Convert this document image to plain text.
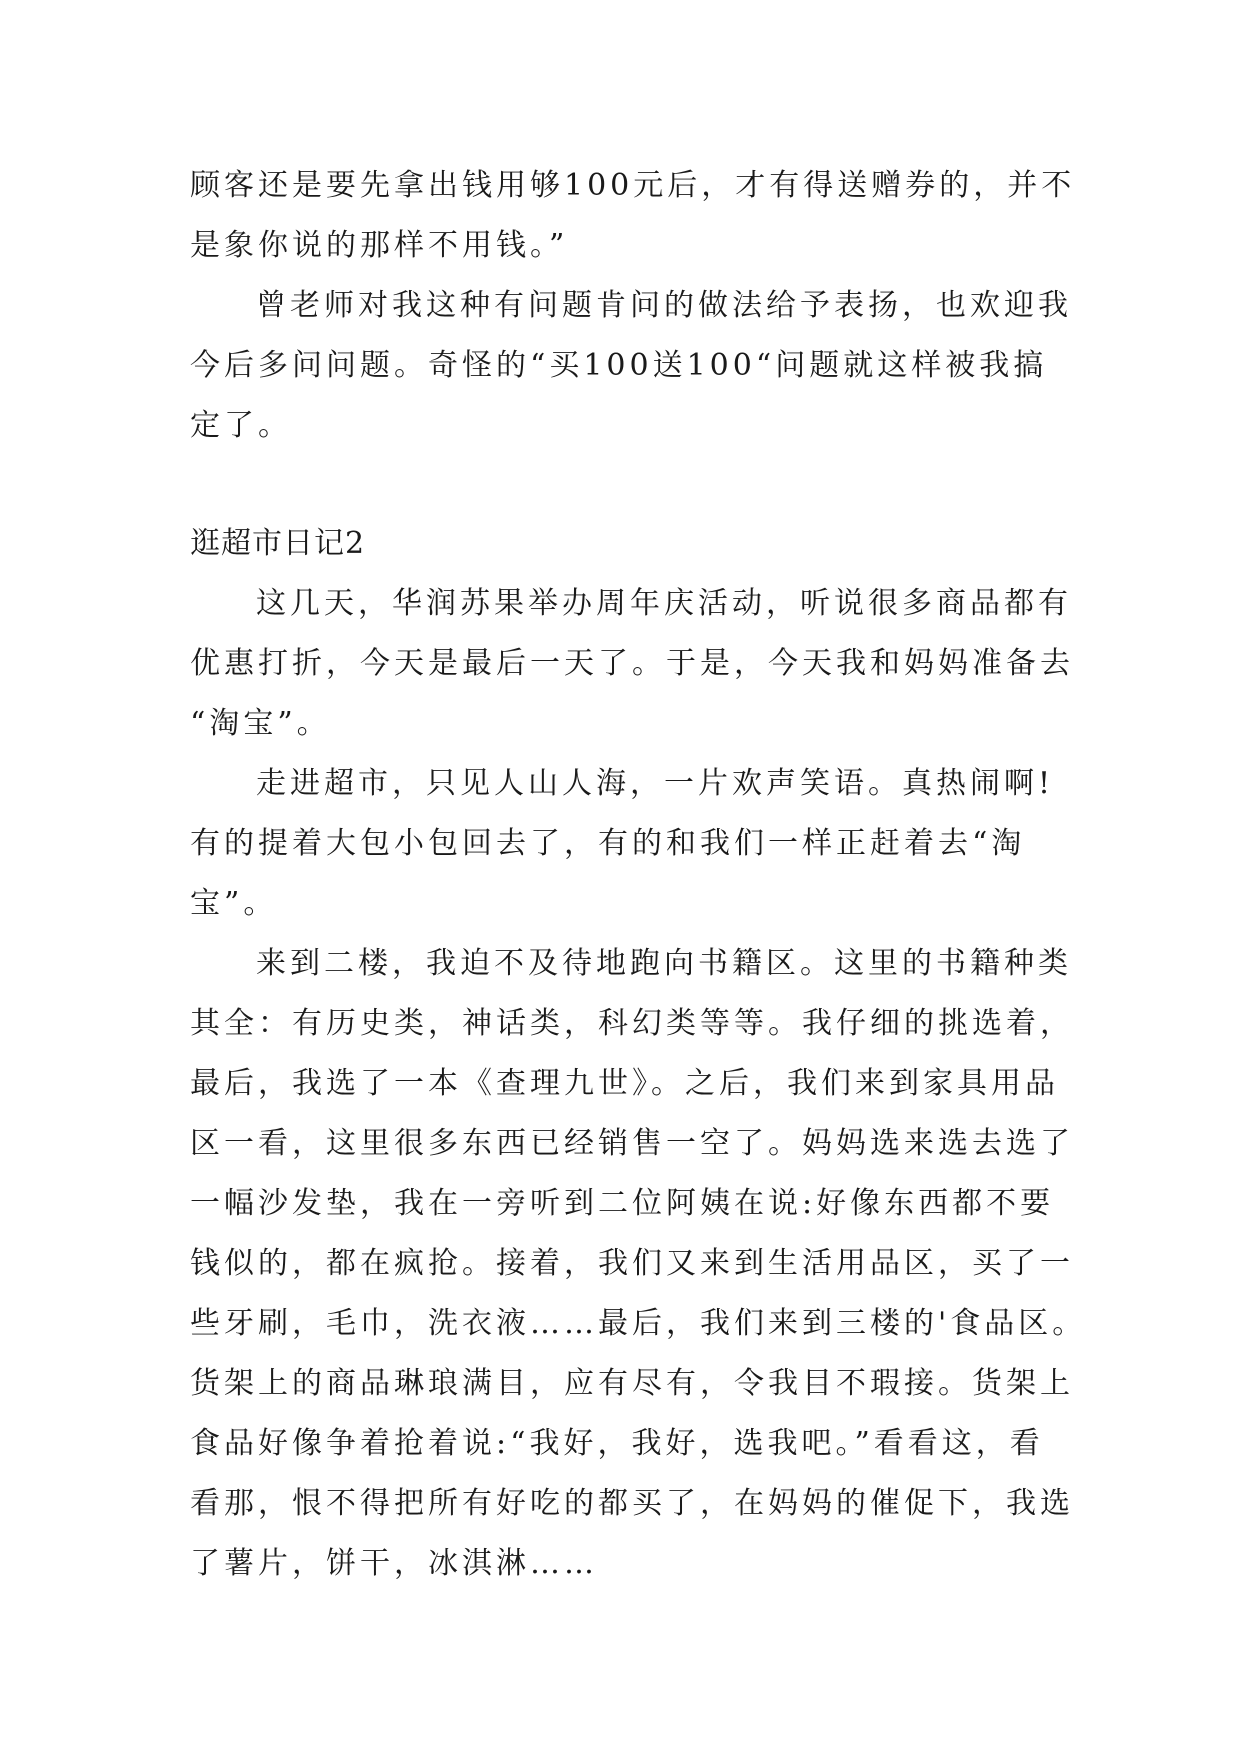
顾客还是要先拿出钱用够100元后，才有得送赠券的，并不
是象你说的那样不用钱。”
曾老师对我这种有问题肯问的做法给予表扬，也欢迎我
今后多问问题。奇怪的“买100送100“问题就这样被我搞
定了。
逛超市日记2
这几天，华润苏果举办周年庆活动，听说很多商品都有
优惠打折，今天是最后一天了。于是，今天我和妈妈准备去
“淘宝”。
走进超市，只见人山人海，一片欢声笑语。真热闹啊!
有的提着大包小包回去了，有的和我们一样正赶着去“淘
宝”。
来到二楼，我迫不及待地跑向书籍区。这里的书籍种类
其全：有历史类，神话类，科幻类等等。我仔细的挑选着，
最后，我选了一本《查理九世》。之后，我们来到家具用品
区一看，这里很多东西已经销售一空了。妈妈选来选去选了
一幅沙发垫，我在一旁听到二位阿姨在说:好像东西都不要
钱似的，都在疯抢。接着，我们又来到生活用品区，买了一
些牙刷，毛巾，洗衣液……最后，我们来到三楼的'食品区。
货架上的商品琳琅满目，应有尽有，令我目不瑕接。货架上
食品好像争着抢着说:“我好，我好，选我吧。”看看这，看
看那，恨不得把所有好吃的都买了，在妈妈的催促下，我选
了薯片，饼干，冰淇淋……
